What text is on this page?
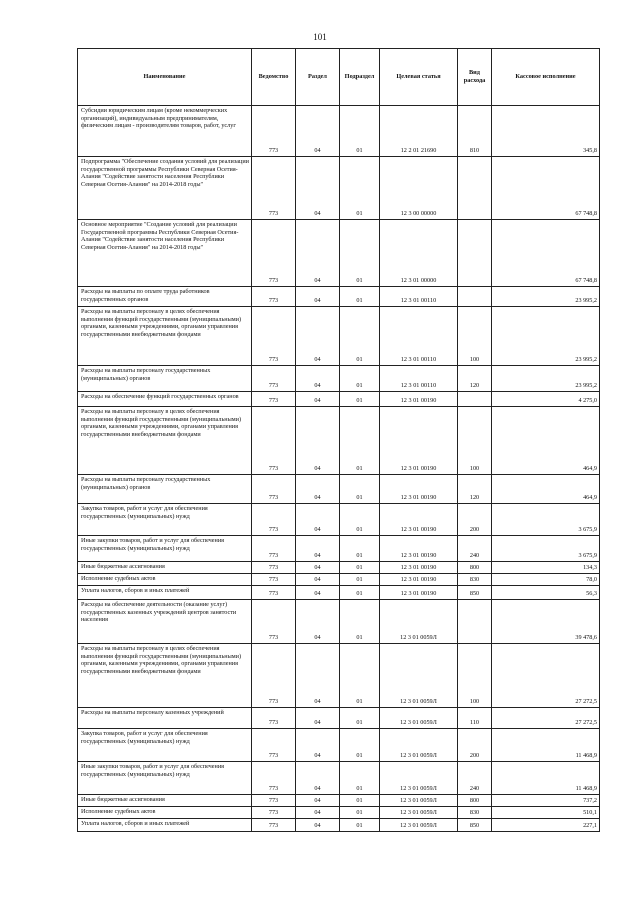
101
Наименование	Ведомство	Раздел	Подраздел	Целевая статья	Вид расхода	Кассовое исполнение
Субсидии юридическим лицам (кроме некоммерческих организаций), индивидуальным предпринимателям, физическим лицам - производителям товаров, работ, услуг	773	04	01	12 2 01 21690	810	345,8
Подпрограмма "Обеспечение создания условий для реализации государственной программы Республики Северная Осетия-Алания "Содействие занятости населения Республики Северная Осетия-Алания" на 2014-2018 годы"	773	04	01	12 3 00 00000		67 748,8
Основное мероприятие "Создание условий для реализации Государственной программы Республики Северная Осетия-Алания "Содействие занятости населения Республики Северная Осетия-Алания" на 2014-2018 годы"	773	04	01	12 3 01 00000		67 748,8
Расходы на выплаты по оплате труда работников государственных органов	773	04	01	12 3 01 00110		23 995,2
Расходы на выплаты персоналу в целях обеспечения выполнения функций государственными (муниципальными) органами, казенными учреждениями, органами управления государственными внебюджетными фондами	773	04	01	12 3 01 00110	100	23 995,2
Расходы на выплаты персоналу государственных (муниципальных) органов	773	04	01	12 3 01 00110	120	23 995,2
Расходы на обеспечение функций государственных органов	773	04	01	12 3 01 00190		4 275,0
Расходы на выплаты персоналу в целях обеспечения выполнения функций государственными (муниципальными) органами, казенными учреждениями, органами управления государственными внебюджетными фондами	773	04	01	12 3 01 00190	100	464,9
Расходы на выплаты персоналу государственных (муниципальных) органов	773	04	01	12 3 01 00190	120	464,9
Закупка товаров, работ и услуг для обеспечения государственных (муниципальных) нужд	773	04	01	12 3 01 00190	200	3 675,9
Иные закупки товаров, работ и услуг для обеспечения государственных (муниципальных) нужд	773	04	01	12 3 01 00190	240	3 675,9
Иные бюджетные ассигнования	773	04	01	12 3 01 00190	800	134,3
Исполнение судебных актов	773	04	01	12 3 01 00190	830	78,0
Уплата налогов, сборов и иных платежей	773	04	01	12 3 01 00190	850	56,3
Расходы на обеспечение деятельности (оказание услуг) государственных казенных учреждений центров занятости населения	773	04	01	12 3 01 0059Л		39 478,6
Расходы на выплаты персоналу в целях обеспечения выполнения функций государственными (муниципальными) органами, казенными учреждениями, органами управления государственными внебюджетными фондами	773	04	01	12 3 01 0059Л	100	27 272,5
Расходы на выплаты персоналу казенных учреждений	773	04	01	12 3 01 0059Л	110	27 272,5
Закупка товаров, работ и услуг для обеспечения государственных (муниципальных) нужд	773	04	01	12 3 01 0059Л	200	11 468,9
Иные закупки товаров, работ и услуг для обеспечения государственных (муниципальных) нужд	773	04	01	12 3 01 0059Л	240	11 468,9
Иные бюджетные ассигнования	773	04	01	12 3 01 0059Л	800	737,2
Исполнение судебных актов	773	04	01	12 3 01 0059Л	830	510,1
Уплата налогов, сборов и иных платежей	773	04	01	12 3 01 0059Л	850	227,1
